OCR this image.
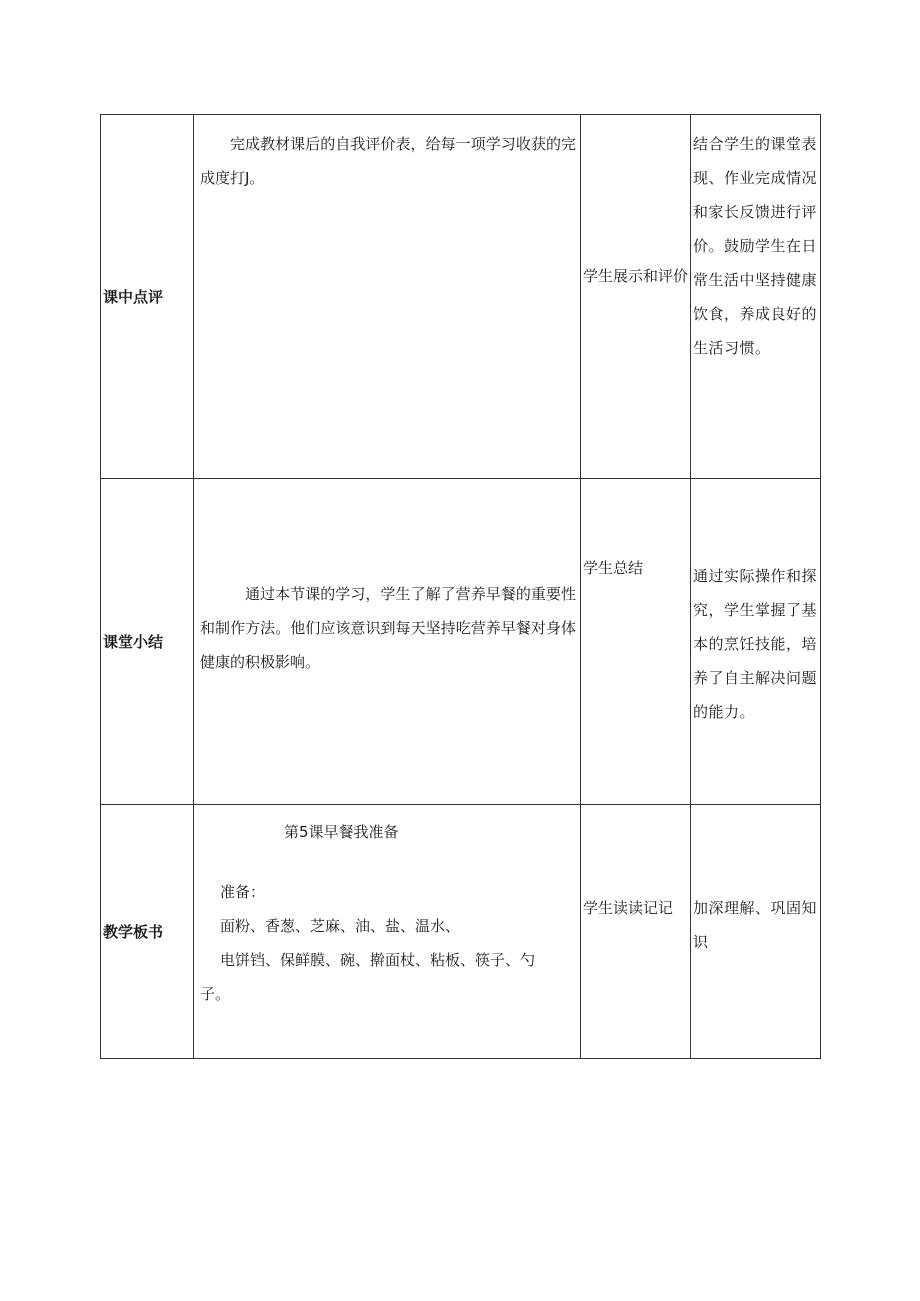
课中点评	完成教材课后的自我评价表，给每一项学习收获的完成度打J。	学生展示和评价	结合学生的课堂表现、作业完成情况和家长反馈进行评价。鼓励学生在日常生活中坚持健康饮食，养成良好的生活习惯。

课堂小结	通过本节课的学习，学生了解了营养早餐的重要性和制作方法。他们应该意识到每天坚持吃营养早餐对身体健康的积极影响。	学生总结	通过实际操作和探究，学生掌握了基本的烹饪技能，培养了自主解决问题的能力。

教学板书	第5课早餐我准备
准备：
面粉、香葱、芝麻、油、盐、温水、
电饼铛、保鲜膜、碗、擀面杖、粘板、筷子、勺
子。	学生读读记记	加深理解、巩固知识
